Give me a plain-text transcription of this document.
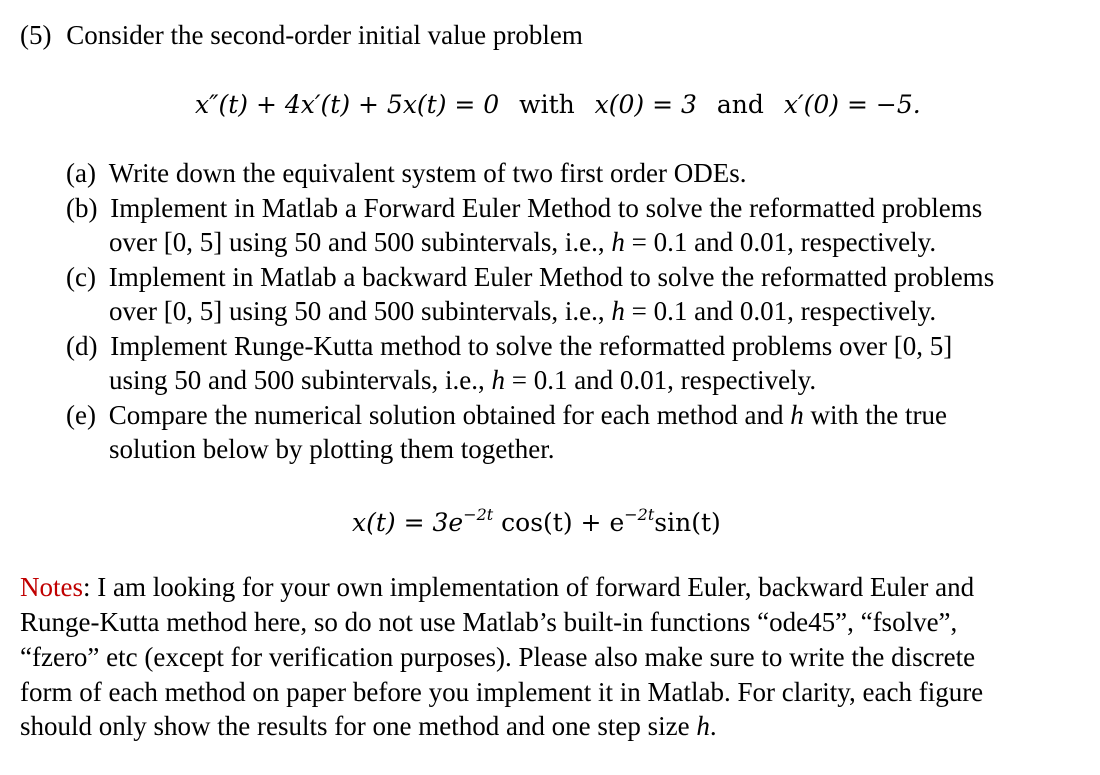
(5) Consider the second-order initial value problem
x″(t) + 4x′(t) + 5x(t) = 0 with x(0) = 3 and x′(0) = −5.
(a) Write down the equivalent system of two first order ODEs.
(b) Implement in Matlab a Forward Euler Method to solve the reformatted problems
over [0, 5] using 50 and 500 subintervals, i.e., h = 0.1 and 0.01, respectively.
(c) Implement in Matlab a backward Euler Method to solve the reformatted problems
over [0, 5] using 50 and 500 subintervals, i.e., h = 0.1 and 0.01, respectively.
(d) Implement Runge-Kutta method to solve the reformatted problems over [0, 5]
using 50 and 500 subintervals, i.e., h = 0.1 and 0.01, respectively.
(e) Compare the numerical solution obtained for each method and h with the true
solution below by plotting them together.
$x(t) = 3e^{-2t}$ $\cos(t) + e^{-2t}\sin(t)$
Notes: I am looking for your own implementation of forward Euler, backward Euler and
Runge-Kutta method here, so do not use Matlab’s built-in functions “ode45”, “fsolve”,
“fzero” etc (except for verification purposes). Please also make sure to write the discrete
form of each method on paper before you implement it in Matlab. For clarity, each figure
should only show the results for one method and one step size h.
